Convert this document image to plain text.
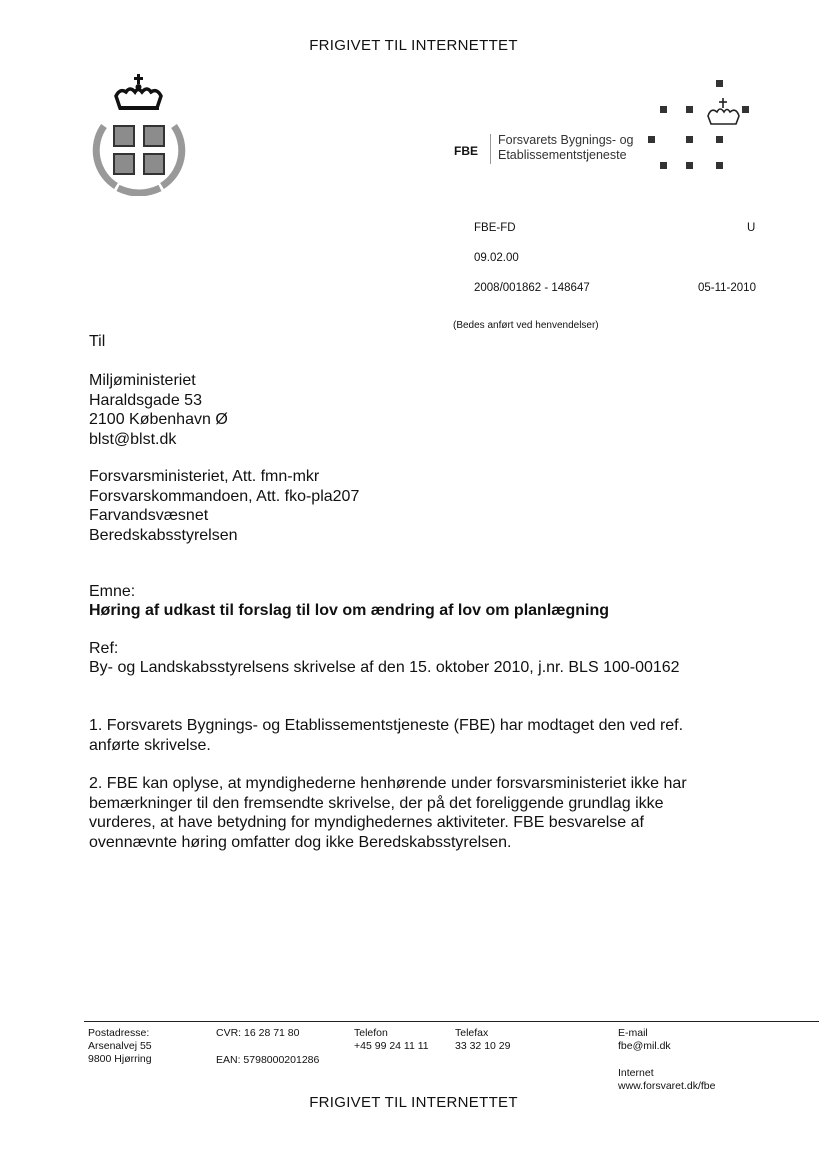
FRIGIVET TIL INTERNETTET
FBE
Forsvarets Bygnings- og
Etablissementstjeneste
FBE-FD	U
09.02.00
2008/001862 - 148647	05-11-2010
(Bedes anført ved henvendelser)
Til
Miljøministeriet
Haraldsgade 53
2100 København Ø
blst@blst.dk
Forsvarsministeriet, Att. fmn-mkr
Forsvarskommandoen, Att. fko-pla207
Farvandsvæsnet
Beredskabsstyrelsen
Emne:
Høring af udkast til forslag til lov om ændring af lov om planlægning
Ref:
By- og Landskabsstyrelsens skrivelse af den 15. oktober 2010, j.nr. BLS 100-00162
1. Forsvarets Bygnings- og Etablissementstjeneste (FBE) har modtaget den ved ref.
anførte skrivelse.
2. FBE kan oplyse, at myndighederne henhørende under forsvarsministeriet ikke har
bemærkninger til den fremsendte skrivelse, der på det foreliggende grundlag ikke
vurderes, at have betydning for myndighedernes aktiviteter. FBE besvarelse af
ovennævnte høring omfatter dog ikke Beredskabsstyrelsen.
Postadresse:
Arsenalvej 55
9800 Hjørring
CVR: 16 28 71 80
EAN: 5798000201286
Telefon
+45 99 24 11 11
Telefax
33 32 10 29
E-mail
fbe@mil.dk
Internet
www.forsvaret.dk/fbe
FRIGIVET TIL INTERNETTET
